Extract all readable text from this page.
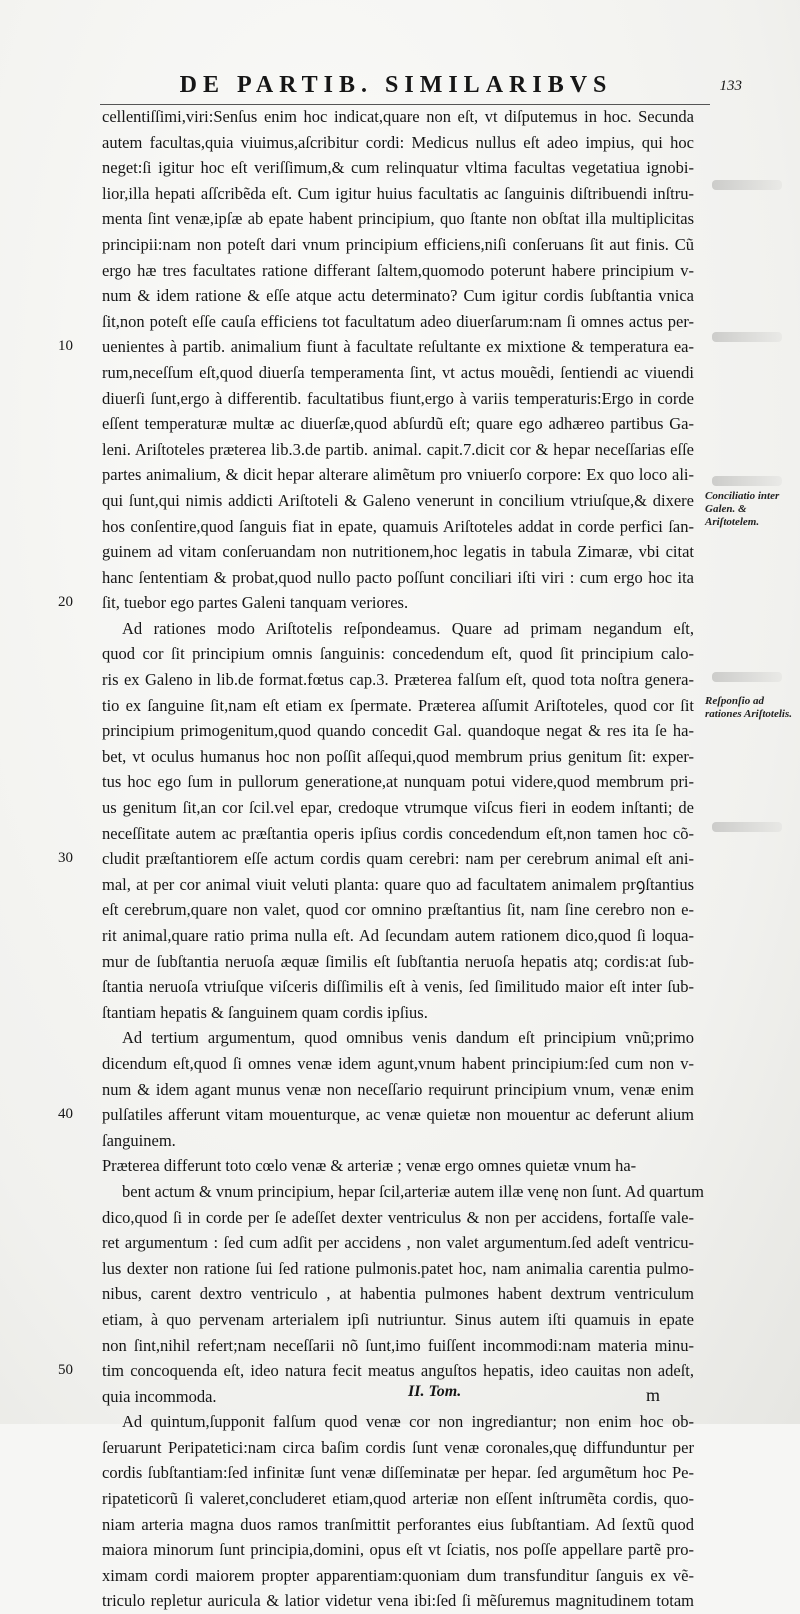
DE PARTIB. SIMILARIBVS	133
10
20
30
40
50
cellentiſſimi,viri:Senſus enim hoc indicat,quare non eſt, vt diſputemus in hoc. Secunda
autem facultas,quia viuimus,aſcribitur cordi: Medicus nullus eſt adeo impius, qui hoc
neget:ſi igitur hoc eſt veriſſimum,& cum relinquatur vltima facultas vegetatiua ignobi-
lior,illa hepati aſſcribẽda eſt. Cum igitur huius facultatis ac ſanguinis diſtribuendi inſtru-
menta ſint venæ,ipſæ ab epate habent principium, quo ſtante non obſtat illa multiplicitas
principii:nam non poteſt dari vnum principium efficiens,niſi conſeruans ſit aut finis. Cũ
ergo hæ tres facultates ratione differant ſaltem,quomodo poterunt habere principium v-
num & idem ratione & eſſe atque actu determinato? Cum igitur cordis ſubſtantia vnica
ſit,non poteſt eſſe cauſa efficiens tot facultatum adeo diuerſarum:nam ſi omnes actus per-
uenientes à partib. animalium fiunt à facultate reſultante ex mixtione & temperatura ea-
rum,neceſſum eſt,quod diuerſa temperamenta ſint, vt actus mouẽdi, ſentiendi ac viuendi
diuerſi ſunt,ergo à differentib. facultatibus fiunt,ergo à variis temperaturis:Ergo in corde
eſſent temperaturæ multæ ac diuerſæ,quod abſurdũ eſt; quare ego adhæreo partibus Ga-
leni. Ariſtoteles præterea lib.3.de partib. animal. capit.7.dicit cor & hepar neceſſarias eſſe
partes animalium, & dicit hepar alterare alimẽtum pro vniuerſo corpore: Ex quo loco ali-
qui ſunt,qui nimis addicti Ariſtoteli & Galeno venerunt in concilium vtriuſque,& dixere
hos conſentire,quod ſanguis fiat in epate, quamuis Ariſtoteles addat in corde perfici ſan-
guinem ad vitam conſeruandam non nutritionem,hoc legatis in tabula Zimaræ, vbi citat
hanc ſententiam & probat,quod nullo pacto poſſunt conciliari iſti viri : cum ergo hoc ita
ſit, tuebor ego partes Galeni tanquam veriores.
Ad rationes modo Ariſtotelis reſpondeamus. Quare ad primam negandum eſt,
quod cor ſit principium omnis ſanguinis: concedendum eſt, quod ſit principium calo-
ris ex Galeno in lib.de format.fœtus cap.3. Præterea falſum eſt, quod tota noſtra genera-
tio ex ſanguine ſit,nam eſt etiam ex ſpermate. Præterea aſſumit Ariſtoteles, quod cor ſit
principium primogenitum,quod quando concedit Gal. quandoque negat & res ita ſe ha-
bet, vt oculus humanus hoc non poſſit aſſequi,quod membrum prius genitum ſit: exper-
tus hoc ego ſum in pullorum generatione,at nunquam potui videre,quod membrum pri-
us genitum ſit,an cor ſcil.vel epar, credoque vtrumque viſcus fieri in eodem inſtanti; de
neceſſitate autem ac præſtantia operis ipſius cordis concedendum eſt,non tamen hoc cõ-
cludit præſtantiorem eſſe actum cordis quam cerebri: nam per cerebrum animal eſt ani-
mal, at per cor animal viuit veluti planta: quare quo ad facultatem animalem prꝯſtantius
eſt cerebrum,quare non valet, quod cor omnino præſtantius ſit, nam ſine cerebro non e-
rit animal,quare ratio prima nulla eſt. Ad ſecundam autem rationem dico,quod ſi loqua-
mur de ſubſtantia neruoſa æquæ ſimilis eſt ſubſtantia neruoſa hepatis atq; cordis:at ſub-
ſtantia neruoſa vtriuſque viſceris diſſimilis eſt à venis, ſed ſimilitudo maior eſt inter ſub-
ſtantiam hepatis & ſanguinem quam cordis ipſius.
Ad tertium argumentum, quod omnibus venis dandum eſt principium vnũ;primo
dicendum eſt,quod ſi omnes venæ idem agunt,vnum habent principium:ſed cum non v-
num & idem agant munus venæ non neceſſario requirunt principium vnum, venæ enim
pulſatiles afferunt vitam mouenturque, ac venæ quietæ non mouentur ac deferunt alium
ſanguinem.
Præterea differunt toto cœlo venæ & arteriæ ; venæ ergo omnes quietæ vnum ha-
bent actum & vnum principium, hepar ſcil,arteriæ autem illæ venę non ſunt. Ad quartum
dico,quod ſi in corde per ſe adeſſet dexter ventriculus & non per accidens, fortaſſe vale-
ret argumentum : ſed cum adſit per accidens , non valet argumentum.ſed adeſt ventricu-
lus dexter non ratione ſui ſed ratione pulmonis.patet hoc, nam animalia carentia pulmo-
nibus, carent dextro ventriculo , at habentia pulmones habent dextrum ventriculum
etiam, à quo pervenam arterialem ipſi nutriuntur. Sinus autem iſti quamuis in epate
non ſint,nihil refert;nam neceſſarii nõ ſunt,imo fuiſſent incommodi:nam materia minu-
tim concoquenda eſt, ideo natura fecit meatus anguſtos hepatis, ideo cauitas non adeſt,
quia incommoda.
Ad quintum,ſupponit falſum quod venæ cor non ingrediantur; non enim hoc ob-
ſeruarunt Peripatetici:nam circa baſim cordis ſunt venæ coronales,quę diffunduntur per
cordis ſubſtantiam:ſed infinitæ ſunt venæ diſſeminatæ per hepar. ſed argumẽtum hoc Pe-
ripateticorũ ſi valeret,concluderet etiam,quod arteriæ non eſſent inſtrumẽta cordis, quo-
niam arteria magna duos ramos tranſmittit perforantes eius ſubſtantiam. Ad ſextũ quod
maiora minorum ſunt principia,domini, opus eſt vt ſciatis, nos poſſe appellare partẽ pro-
ximam cordi maiorem propter apparentiam:quoniam dum transfunditur ſanguis ex vẽ-
triculo repletur auricula & latior videtur vena ibi:ſed ſi mẽſuremus magnitudinem totam
Conciliatio inter Galen. & Ariſtotelem.
Reſponſio ad rationes Ariſtotelis.
II. Tom.	m
